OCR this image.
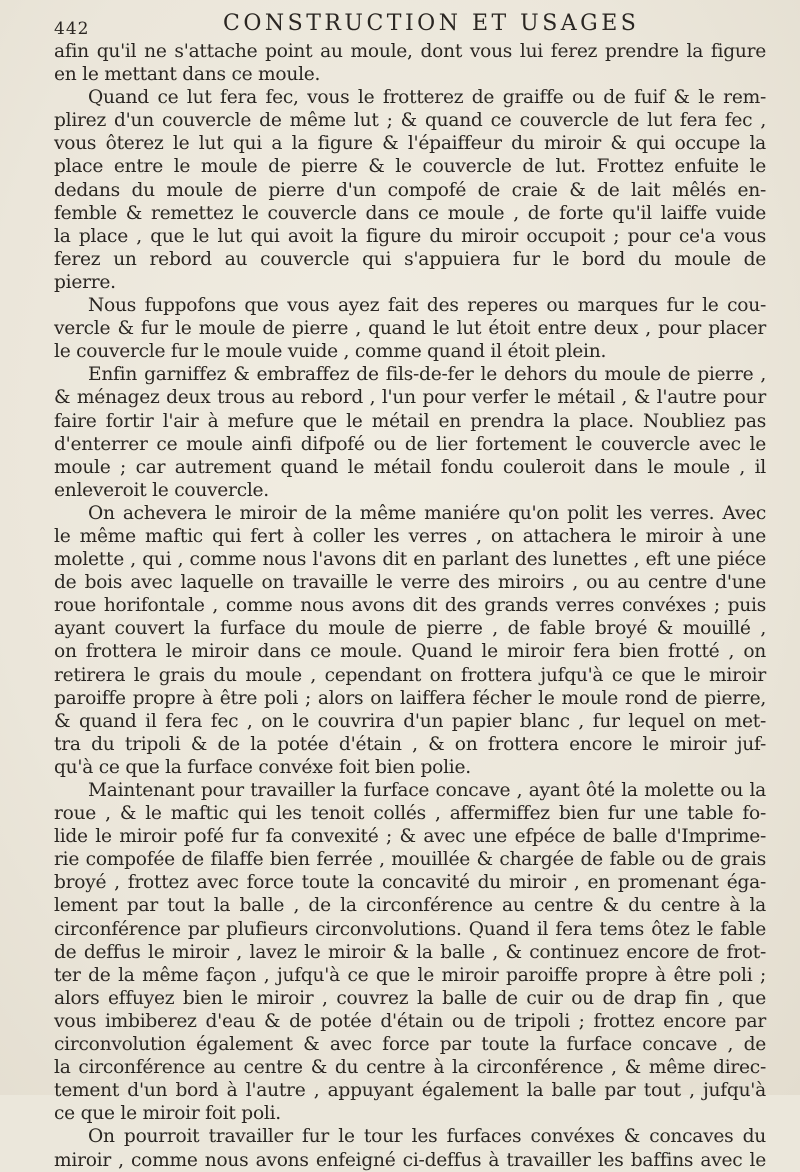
442	CONSTRUCTION ET USAGES
afin qu'il ne s'attache point au moule, dont vous lui ferez prendre la figure
en le mettant dans ce moule.
Quand ce lut fera fec, vous le frotterez de graiffe ou de fuif & le rem-
plirez d'un couvercle de même lut ; & quand ce couvercle de lut fera fec ,
vous ôterez le lut qui a la figure & l'épaiffeur du miroir & qui occupe la
place entre le moule de pierre & le couvercle de lut. Frottez enfuite le
dedans du moule de pierre d'un compofé de craie & de lait mêlés en-
femble & remettez le couvercle dans ce moule , de forte qu'il laiffe vuide
la place , que le lut qui avoit la figure du miroir occupoit ; pour ce'a vous
ferez un rebord au couvercle qui s'appuiera fur le bord du moule de
pierre.
Nous fuppofons que vous ayez fait des reperes ou marques fur le cou-
vercle & fur le moule de pierre , quand le lut étoit entre deux , pour placer
le couvercle fur le moule vuide , comme quand il étoit plein.
Enfin garniffez & embraffez de fils-de-fer le dehors du moule de pierre ,
& ménagez deux trous au rebord , l'un pour verfer le métail , & l'autre pour
faire fortir l'air à mefure que le métail en prendra la place. Noubliez pas
d'enterrer ce moule ainfi difpofé ou de lier fortement le couvercle avec le
moule ; car autrement quand le métail fondu couleroit dans le moule , il
enleveroit le couvercle.
On achevera le miroir de la même maniére qu'on polit les verres. Avec
le même maftic qui fert à coller les verres , on attachera le miroir à une
molette , qui , comme nous l'avons dit en parlant des lunettes , eft une piéce
de bois avec laquelle on travaille le verre des miroirs , ou au centre d'une
roue horifontale , comme nous avons dit des grands verres convéxes ; puis
ayant couvert la furface du moule de pierre , de fable broyé & mouillé ,
on frottera le miroir dans ce moule. Quand le miroir fera bien frotté , on
retirera le grais du moule , cependant on frottera jufqu'à ce que le miroir
paroiffe propre à être poli ; alors on laiffera fécher le moule rond de pierre,
& quand il fera fec , on le couvrira d'un papier blanc , fur lequel on met-
tra du tripoli & de la potée d'étain , & on frottera encore le miroir juf-
qu'à ce que la furface convéxe foit bien polie.
Maintenant pour travailler la furface concave , ayant ôté la molette ou la
roue , & le maftic qui les tenoit collés , affermiffez bien fur une table fo-
lide le miroir pofé fur fa convexité ; & avec une efpéce de balle d'Imprime-
rie compofée de filaffe bien ferrée , mouillée & chargée de fable ou de grais
broyé , frottez avec force toute la concavité du miroir , en promenant éga-
lement par tout la balle , de la circonférence au centre & du centre à la
circonférence par plufieurs circonvolutions. Quand il fera tems ôtez le fable
de deffus le miroir , lavez le miroir & la balle , & continuez encore de frot-
ter de la même façon , jufqu'à ce que le miroir paroiffe propre à être poli ;
alors effuyez bien le miroir , couvrez la balle de cuir ou de drap fin , que
vous imbiberez d'eau & de potée d'étain ou de tripoli ; frottez encore par
circonvolution également & avec force par toute la furface concave , de
la circonférence au centre & du centre à la circonférence , & même direc-
tement d'un bord à l'autre , appuyant également la balle par tout , jufqu'à
ce que le miroir foit poli.
On pourroit travailler fur le tour les furfaces convéxes & concaves du
miroir , comme nous avons enfeigné ci-deffus à travailler les baffins avec le
